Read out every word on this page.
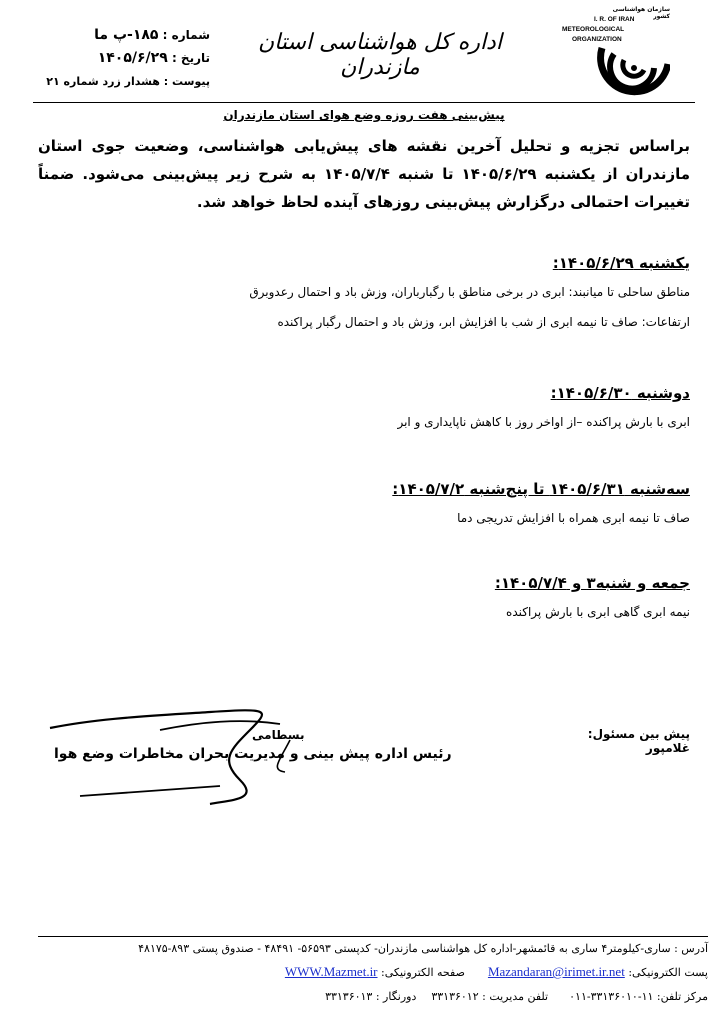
سازمان هواشناسی کشور
I. R. OF IRAN
METEOROLOGICAL
ORGANIZATION
اداره کل هواشناسی استان مازندران
شماره : ۱۸۵-پ ما
تاریخ : ۱۴۰۵/۶/۲۹
پیوست : هشدار زرد شماره ۲۱
پیش‌بینی هفت روزه وضع هوای استان مازندران
براساس تجزیه و تحلیل آخرین نقشه های پیش‌یابی هواشناسی، وضعیت جوی استان مازندران از یکشنبه ۱۴۰۵/۶/۲۹ تا شنبه ۱۴۰۵/۷/۴ به شرح زیر پیش‌بینی می‌شود. ضمناً تغییرات احتمالی درگزارش پیش‌بینی روزهای آینده لحاظ خواهد شد.
یکشنبه ۱۴۰۵/۶/۲۹:
مناطق ساحلی تا میانبند: ابری در برخی مناطق با رگبارباران، وزش باد و احتمال رعدوبرق
ارتفاعات: صاف تا نیمه ابری از شب با افزایش ابر، وزش باد و احتمال رگبار پراکنده
دوشنبه ۱۴۰۵/۶/۳۰:
ابری با بارش پراکنده –از اواخر روز با کاهش ناپایداری و ابر
سه‌شنبه ۱۴۰۵/۶/۳۱ تا پنج‌شنبه ۱۴۰۵/۷/۲:
صاف تا نیمه ابری همراه با افزایش تدریجی دما
جمعه و شنبه۳ و ۱۴۰۵/۷/۴:
نیمه ابری گاهی ابری با بارش پراکنده
پیش بین مسئول: غلامپور
بسطامی
رئیس اداره پیش بینی و مدیریت بحران مخاطرات وضع هوا
آدرس : ساری-کیلومتر۴ ساری به قائمشهر-اداره کل هواشناسی مازندران- کدپستی ۵۶۵۹۳- ۴۸۴۹۱ - صندوق پستی ۸۹۳-۴۸۱۷۵
پست الکترونیکی: Mazandaran@irimet.ir.net  صفحه الکترونیکی: WWW.Mazmet.ir
مرکز تلفن: ۱۱-۳۳۱۳۶۰۱۰-۰۱۱  تلفن مدیریت : ۳۳۱۳۶۰۱۲  دورنگار : ۳۳۱۳۶۰۱۳
